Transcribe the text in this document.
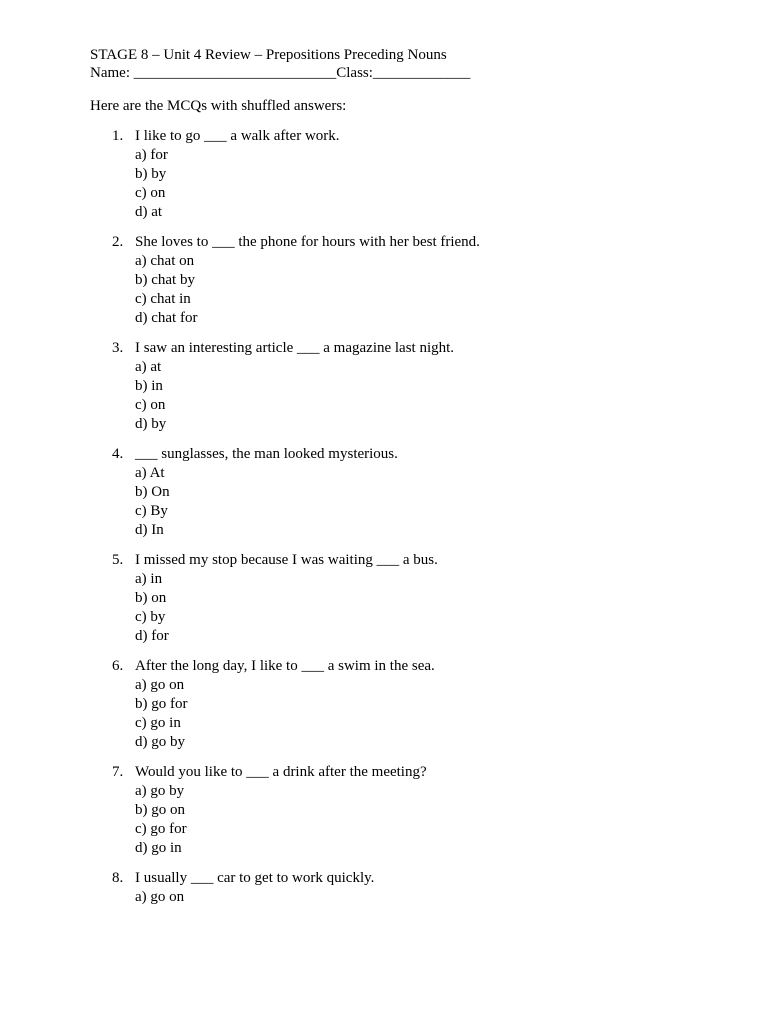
STAGE 8 – Unit 4 Review – Prepositions Preceding Nouns
Name: ___________________________Class:_____________
Here are the MCQs with shuffled answers:
1. I like to go ___ a walk after work.
a) for
b) by
c) on
d) at
2. She loves to ___ the phone for hours with her best friend.
a) chat on
b) chat by
c) chat in
d) chat for
3. I saw an interesting article ___ a magazine last night.
a) at
b) in
c) on
d) by
4. ___ sunglasses, the man looked mysterious.
a) At
b) On
c) By
d) In
5. I missed my stop because I was waiting ___ a bus.
a) in
b) on
c) by
d) for
6. After the long day, I like to ___ a swim in the sea.
a) go on
b) go for
c) go in
d) go by
7. Would you like to ___ a drink after the meeting?
a) go by
b) go on
c) go for
d) go in
8. I usually ___ car to get to work quickly.
a) go on
